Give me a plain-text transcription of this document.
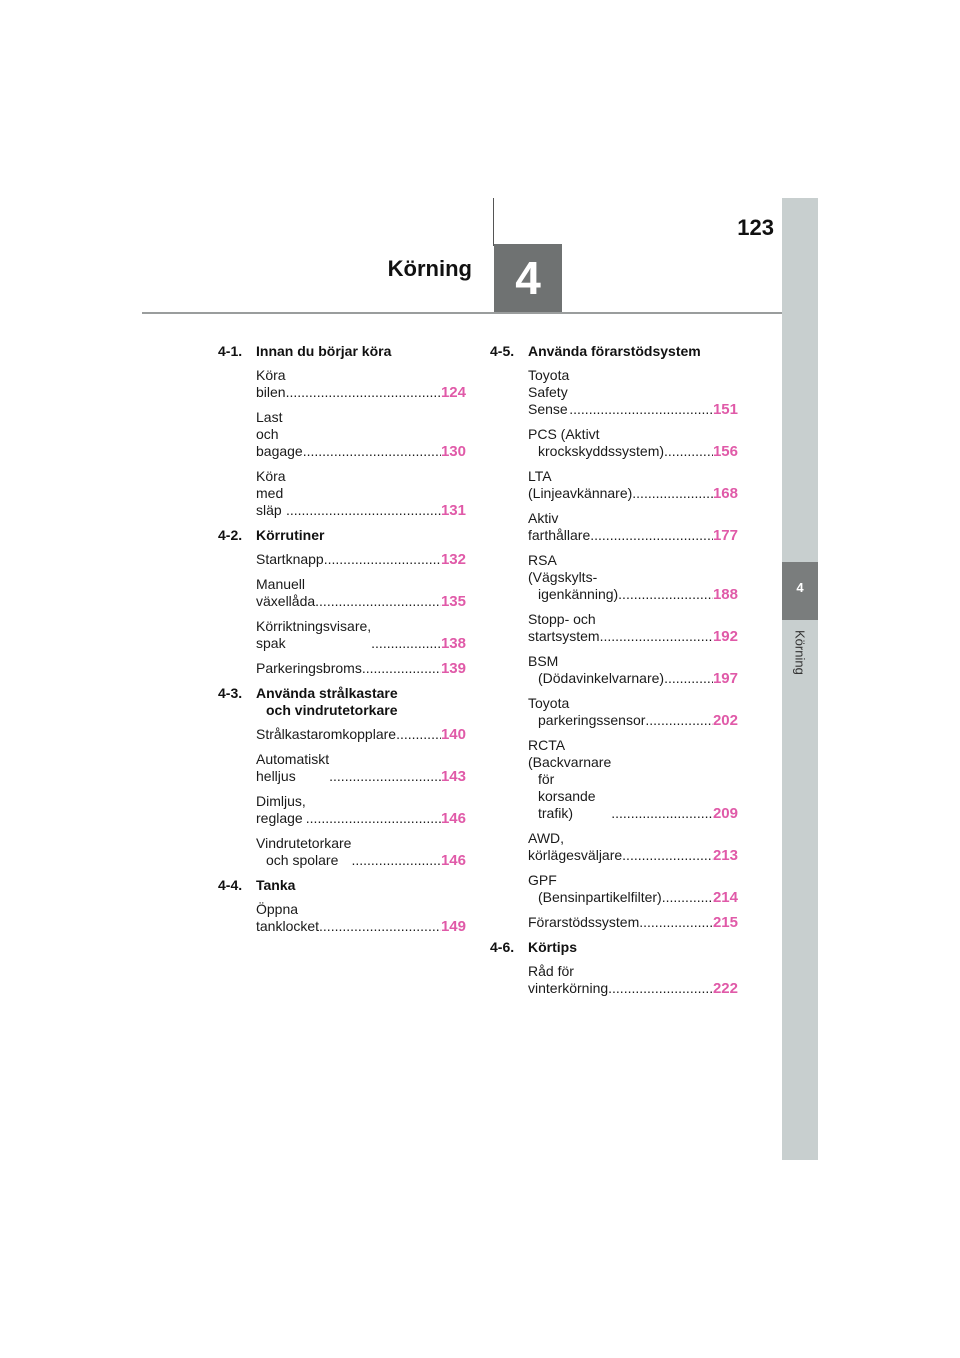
123
4
Körning
4
Körning
4-1. Innan du börjar köra
Köra bilen .....	124
Last och bagage .....	130
Köra med släp .....	131
4-2. Körrutiner
Startknapp .....	132
Manuell växellåda .....	135
Körriktningsvisare, spak .....	138
Parkeringsbroms .....	139
4-3. Använda strålkastare
och vindrutetorkare
Strålkastaromkopplare .....	140
Automatiskt helljus .....	143
Dimljus, reglage .....	146
Vindrutetorkare
och spolare .....	146
4-4. Tanka
Öppna tanklocket .....	149
4-5. Använda förarstödsystem
Toyota Safety Sense .....	151
PCS (Aktivt
krockskyddssystem) .....	156
LTA (Linjeavkännare) .....	168
Aktiv farthållare .....	177
RSA (Vägskylts-
igenkänning) .....	188
Stopp- och startsystem .....	192
BSM
(Dödavinkelvarnare) .....	197
Toyota
parkeringssensor .....	202
RCTA (Backvarnare
för korsande trafik) .....	209
AWD, körlägesväljare .....	213
GPF
(Bensinpartikelfilter) .....	214
Förarstödssystem .....	215
4-6. Körtips
Råd för vinterkörning .....	222
